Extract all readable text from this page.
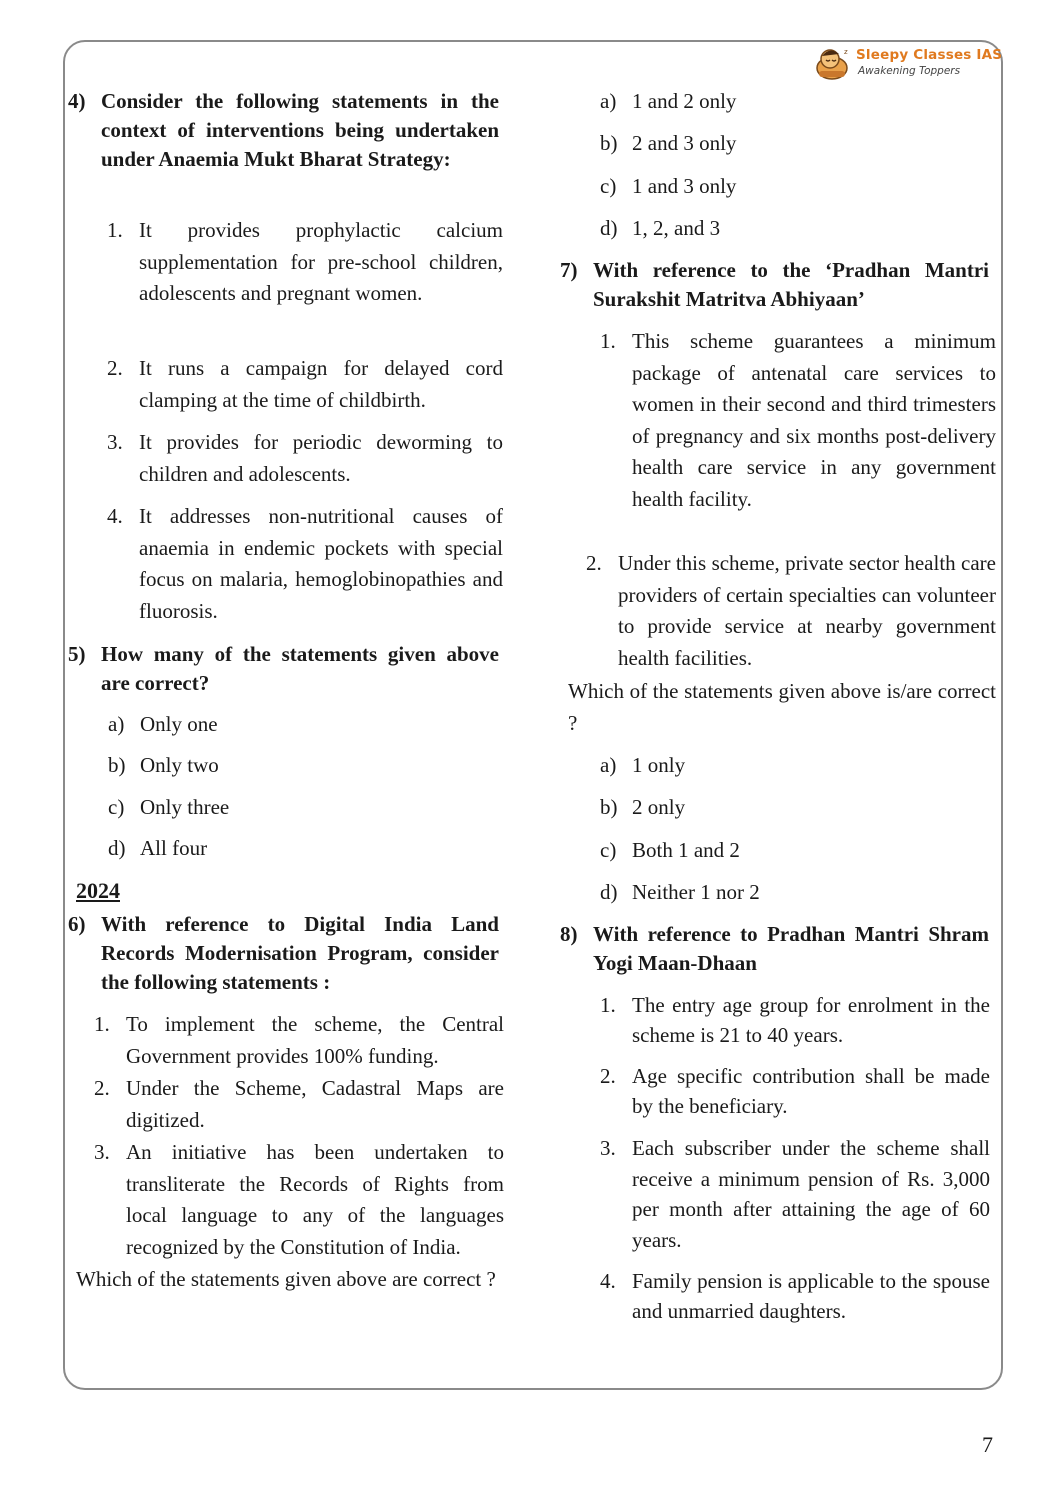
z Sleepy Classes IAS
Awakening Toppers
4) Consider the following statements in the context of interventions being undertaken under Anaemia Mukt Bharat Strategy:
1. It provides prophylactic calcium supplementation for pre-school children, adolescents and pregnant women.
2. It runs a campaign for delayed cord clamping at the time of childbirth.
3. It provides for periodic deworming to children and adolescents.
4. It addresses non-nutritional causes of anaemia in endemic pockets with special focus on malaria, hemoglobinopathies and fluorosis.
5) How many of the statements given above are correct?
a) Only one
b) Only two
c) Only three
d) All four
2024
6) With reference to Digital India Land Records Modernisation Program, consider the following statements :
1. To implement the scheme, the Central Government provides 100% funding.
2. Under the Scheme, Cadastral Maps are digitized.
3. An initiative has been undertaken to transliterate the Records of Rights from local language to any of the languages recognized by the Constitution of India.
Which of the statements given above are correct ?
a) 1 and 2 only
b) 2 and 3 only
c) 1 and 3 only
d) 1, 2, and 3
7) With reference to the ‘Pradhan Mantri Surakshit Matritva Abhiyaan’
1. This scheme guarantees a minimum package of antenatal care services to women in their second and third trimesters of pregnancy and six months post-delivery health care service in any government health facility.
2. Under this scheme, private sector health care providers of certain specialties can volunteer to provide service at nearby government health facilities.
Which of the statements given above is/are correct ?
a) 1 only
b) 2 only
c) Both 1 and 2
d) Neither 1 nor 2
8) With reference to Pradhan Mantri Shram Yogi Maan-Dhaan
1. The entry age group for enrolment in the scheme is 21 to 40 years.
2. Age specific contribution shall be made by the beneficiary.
3. Each subscriber under the scheme shall receive a minimum pension of Rs. 3,000 per month after attaining the age of 60 years.
4. Family pension is applicable to the spouse and unmarried daughters.
7
